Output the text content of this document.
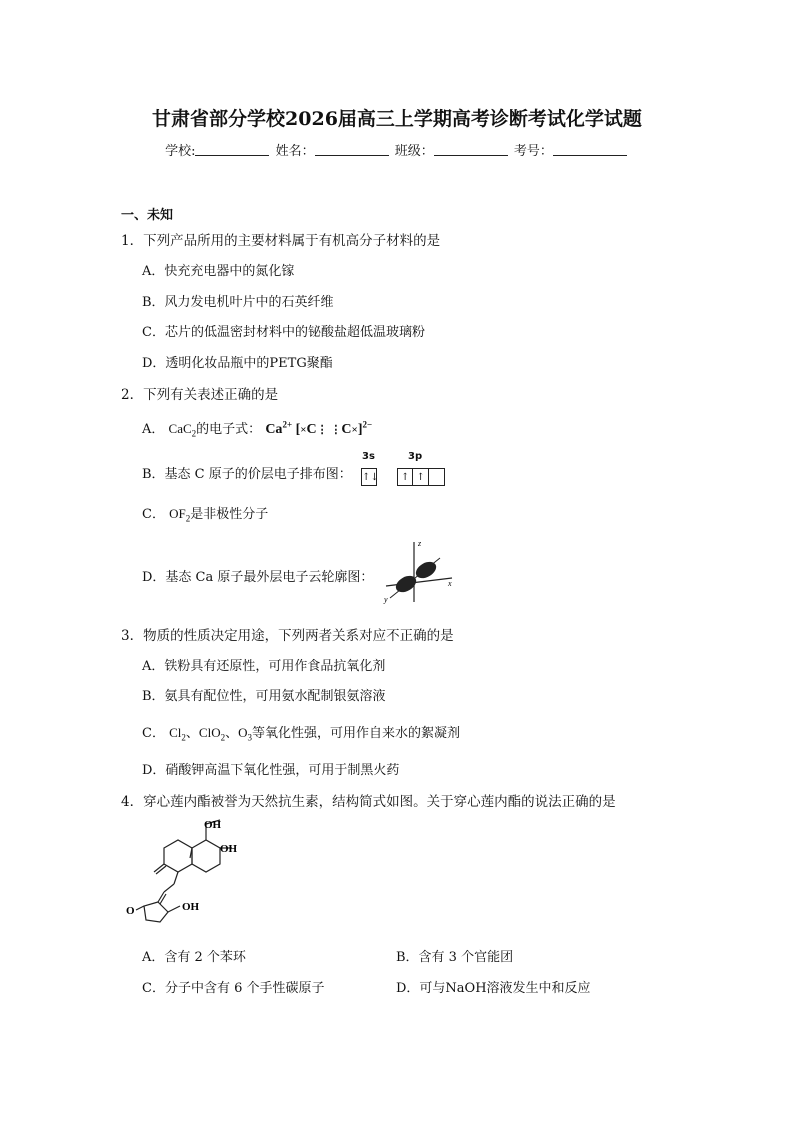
甘肃省部分学校2026届高三上学期高考诊断考试化学试题
学校:	姓名：	班级：	考号：
一、未知
1．下列产品所用的主要材料属于有机高分子材料的是
A．快充充电器中的氮化镓
B．风力发电机叶片中的石英纤维
C．芯片的低温密封材料中的铋酸盐超低温玻璃粉
D．透明化妆品瓶中的PETG聚酯
2．下列有关表述正确的是
A． CaC$_2$的电子式： $Ca^{2+}$ [×C⋮ ⋮C×]$^{2-}$
B．基态 C 原子的价层电子排布图：
3s	3p
↑↓ ↑ ↑
C． $OF_2$是非极性分子
D．基态 Ca 原子最外层电子云轮廓图：
z
x
y
3．物质的性质决定用途，下列两者关系对应不正确的是
A．铁粉具有还原性，可用作食品抗氧化剂
B．氨具有配位性，可用氨水配制银氨溶液
C． $Cl_2$、ClO$_2$、$O_3$等氧化性强，可用作自来水的絮凝剂
D．硝酸钾高温下氧化性强，可用于制黑火药
4．穿心莲内酯被誉为天然抗生素，结构简式如图。关于穿心莲内酯的说法正确的是
OH
OH
OH
O
A．含有 2 个苯环	B．含有 3 个官能团
C．分子中含有 6 个手性碳原子	D．可与NaOH溶液发生中和反应
